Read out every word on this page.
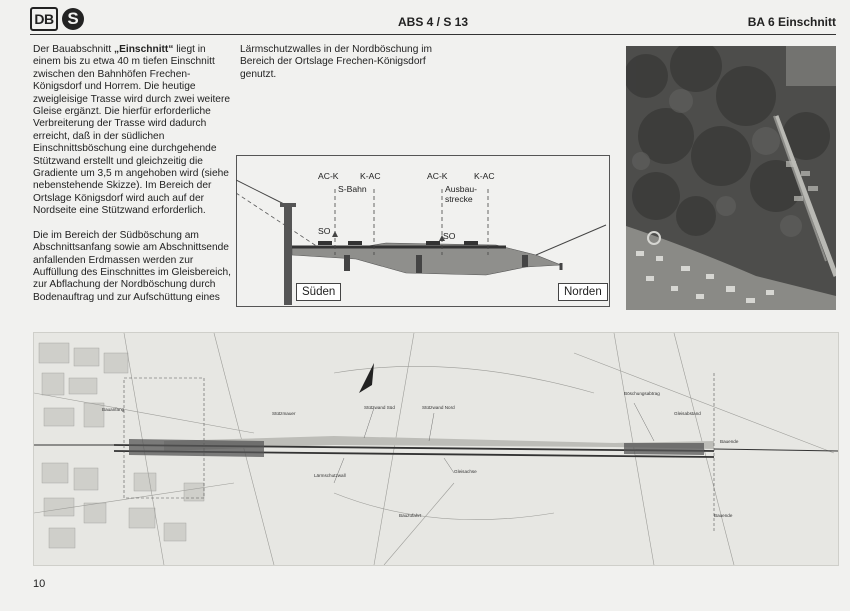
DB S	ABS 4 / S 13	BA 6 Einschnitt

Der Bauabschnitt „Einschnitt“ liegt in einem bis zu etwa 40 m tiefen Einschnitt zwischen den Bahnhöfen Frechen-Königsdorf und Horrem. Die heutige zweigleisige Trasse wird durch zwei weitere Gleise ergänzt. Die hierfür erforderliche Verbreiterung der Trasse wird dadurch erreicht, daß in der südlichen Einschnittsböschung eine durchgehende Stützwand erstellt und gleichzeitig die Gradiente um 3,5 m angehoben wird (siehe nebenstehende Skizze). Im Bereich der Ortslage Königsdorf wird auch auf der Nordseite eine Stützwand erforderlich.

Die im Bereich der Südböschung am Abschnittsanfang sowie am Abschnittsende anfallenden Erdmassen werden zur Auffüllung des Einschnittes im Gleisbereich, zur Abflachung der Nordböschung durch Bodenauftrag und zur Aufschüttung eines

Lärmschutzwalles in der Nordböschung im Bereich der Ortslage Frechen-Königsdorf genutzt.

AC-K K-AC	AC-K	K-AC
S-Bahn	Ausbau-
strecke
SO	SO
Süden	Norden
Bauanfang	Stützwand Süd	Stützwand Nord
Bauende
Böschungsabtrag
Bauzufahrt
Lärmschutzwall
Gleisachse
Bauende
Stützmauer	Gleisabstand
10
